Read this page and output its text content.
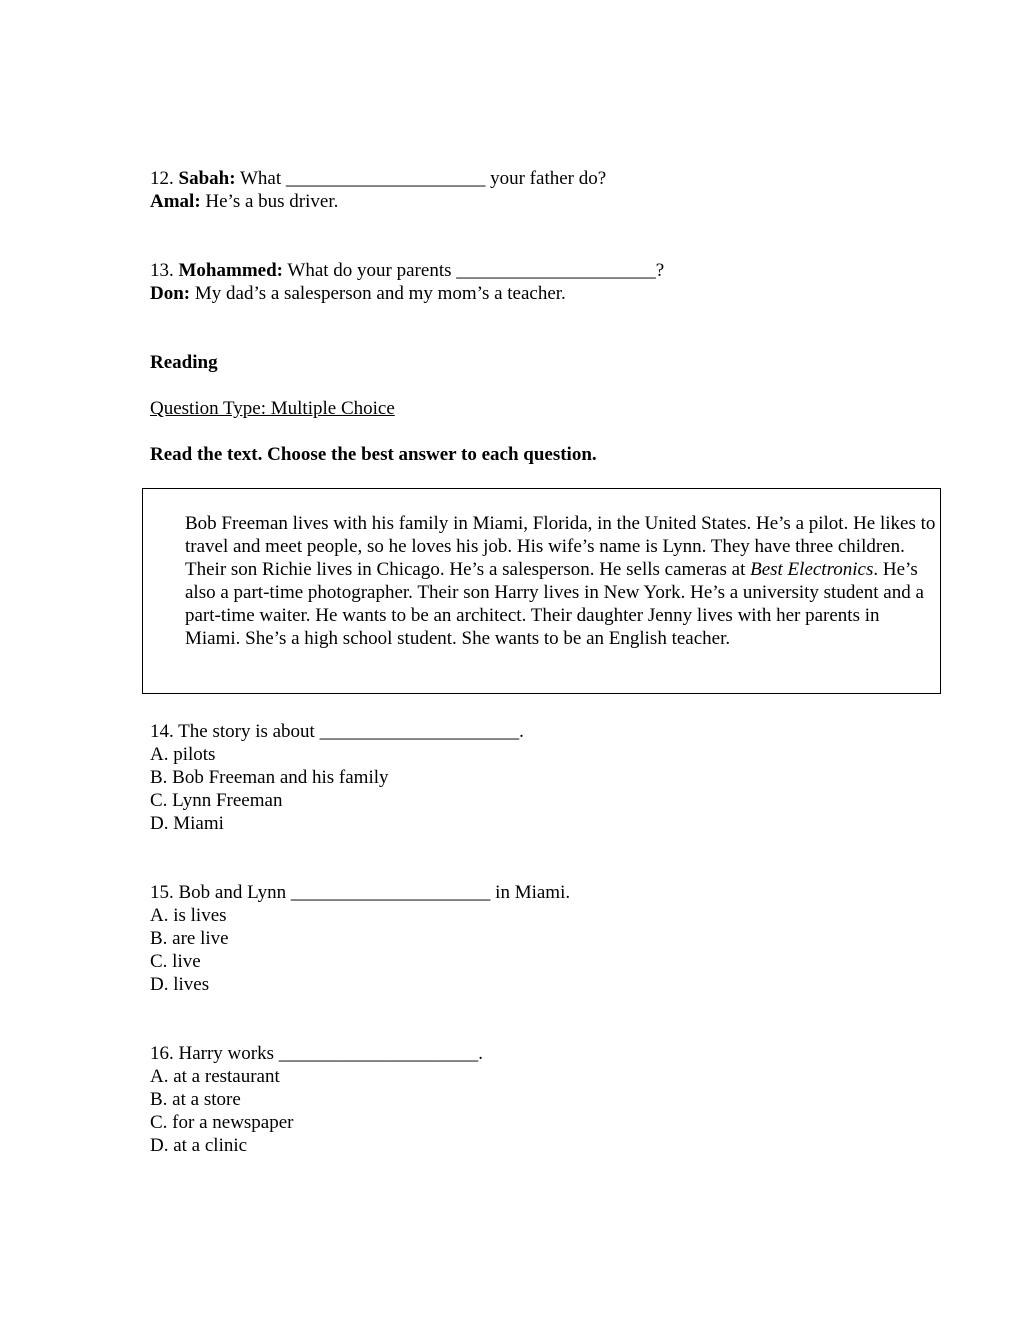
12. Sabah: What _____________________ your father do?
Amal: He’s a bus driver.
13. Mohammed: What do your parents _____________________?
Don: My dad’s a salesperson and my mom’s a teacher.
Reading
Question Type: Multiple Choice
Read the text. Choose the best answer to each question.
Bob Freeman lives with his family in Miami, Florida, in the United States. He’s a pilot. He likes to travel and meet people, so he loves his job. His wife’s name is Lynn. They have three children. Their son Richie lives in Chicago. He’s a salesperson. He sells cameras at Best Electronics. He’s also a part-time photographer. Their son Harry lives in New York. He’s a university student and a part-time waiter. He wants to be an architect. Their daughter Jenny lives with her parents in Miami. She’s a high school student. She wants to be an English teacher.
14. The story is about _____________________.
A. pilots
B. Bob Freeman and his family
C. Lynn Freeman
D. Miami
15. Bob and Lynn _____________________ in Miami.
A. is lives
B. are live
C. live
D. lives
16. Harry works _____________________.
A. at a restaurant
B. at a store
C. for a newspaper
D. at a clinic
